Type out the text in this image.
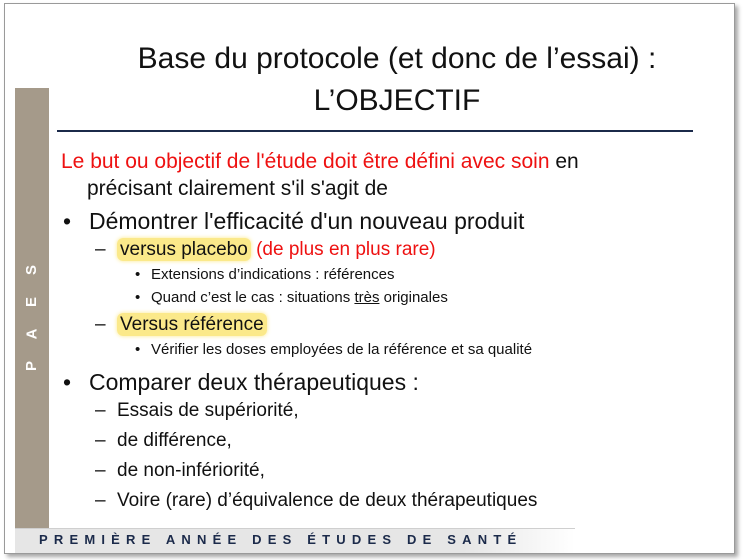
S
E
A
P
Base du protocole (et donc de l’essai) :
L’OBJECTIF
Le but ou objectif de l'étude doit être défini avec soin en
précisant clairement s'il s'agit de
• Démontrer l'efficacité d'un nouveau produit
– versus placebo (de plus en plus rare)
• Extensions d’indications : références
• Quand c’est le cas : situations très originales
– Versus référence
• Vérifier les doses employées de la référence et sa qualité
• Comparer deux thérapeutiques :
– Essais de supériorité,
– de différence,
– de non-infériorité,
– Voire (rare) d’équivalence de deux thérapeutiques
PREMIÈRE ANNÉE DES ÉTUDES DE SANTÉ
